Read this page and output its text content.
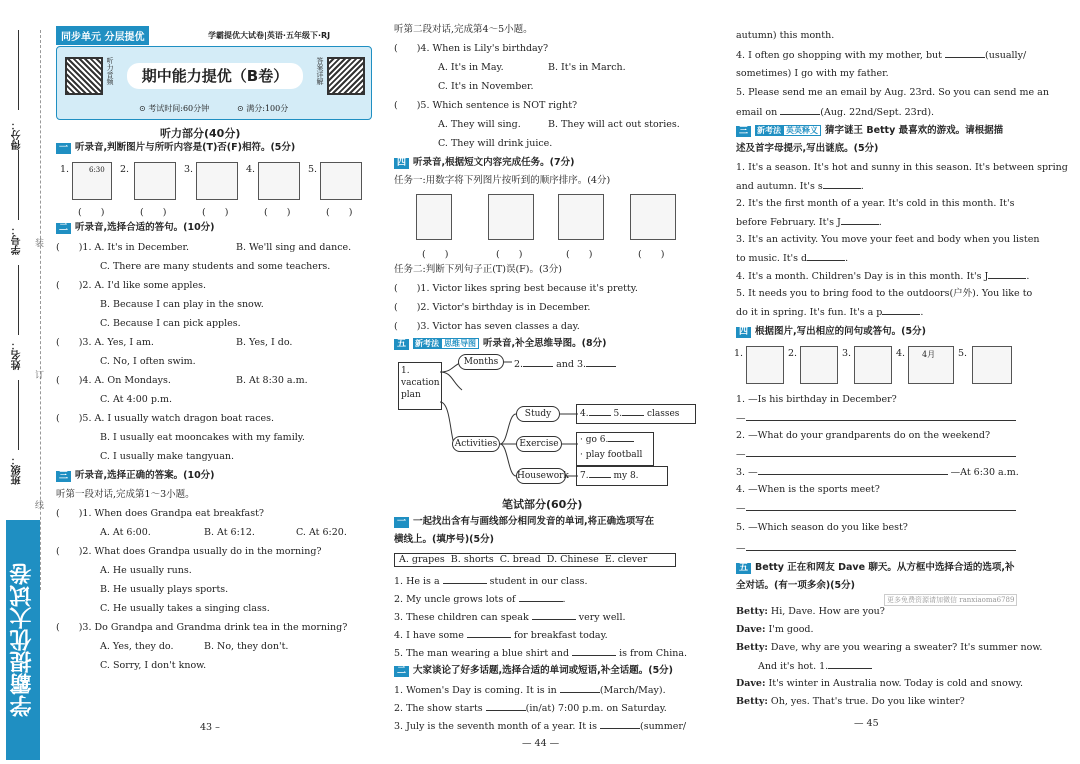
得分：
学号：
姓名：
班级：
装
订
线
学霸提优大试卷
同步单元 分层提优	学霸提优大试卷|英语·五年级下·RJ
听力音频	期中能力提优（B卷）	答案详解
⊙ 考试时间:60分钟	⊙ 满分:100分
听力部分(40分)
一 听录音,判断图片与所听内容是(T)否(F)相符。(5分)
1.	6:30 2.	3.	4.	5.
(　　)	(　　)	(　　)	(　　)	(　　)
二 听录音,选择合适的答句。(10分)
(　　)1. A. It's in December.	B. We'll sing and dance.
C. There are many students and some teachers.
(　　)2. A. I'd like some apples.
B. Because I can play in the snow.
C. Because I can pick apples.
(　　)3. A. Yes, I am.	B. Yes, I do.
C. No, I often swim.
(　　)4. A. On Mondays.	B. At 8:30 a.m.
C. At 4:00 p.m.
(　　)5. A. I usually watch dragon boat races.
B. I usually eat mooncakes with my family.
C. I usually make tangyuan.
三 听录音,选择正确的答案。(10分)
听第一段对话,完成第1～3小题。
(　　)1. When does Grandpa eat breakfast?
A. At 6:00.	B. At 6:12.	C. At 6:20.
(　　)2. What does Grandpa usually do in the morning?
A. He usually runs.
B. He usually plays sports.
C. He usually takes a singing class.
(　　)3. Do Grandpa and Grandma drink tea in the morning?
A. Yes, they do.	B. No, they don't.
C. Sorry, I don't know.
43 –
听第二段对话,完成第4～5小题。
(　　)4. When is Lily's birthday?
A. It's in May.	B. It's in March.
C. It's in November.
(　　)5. Which sentence is NOT right?
A. They will sing.	B. They will act out stories.
C. They will drink juice.
四 听录音,根据短文内容完成任务。(7分)
任务一:用数字将下列图片按听到的顺序排序。(4分)
(　　)	(　　)	(　　)	(　　)
任务二:判断下列句子正(T)误(F)。(3分)
(　　)1. Victor likes spring best because it's pretty.
(　　)2. Victor's birthday is in December.
(　　)3. Victor has seven classes a day.
五 新考法 思维导图 听录音,补全思维导图。(8分)
1.
vacation
plan
Months	2.	and 3.
Activities
Study	4.	5.	classes
Exercise	· go 6.
· play football
Housework	7.	my 8.
笔试部分(60分)
一 一起找出含有与画线部分相同发音的单词,将正确选项写在
横线上。(填序号)(5分)
A. grapes  B. shorts  C. bread  D. Chinese  E. clever
1. He is a	student in our class.
2. My uncle grows lots of	.
3. These children can speak	very well.
4. I have some	for breakfast today.
5. The man wearing a blue shirt and	is from China.
二 大家谈论了好多话题,选择合适的单词或短语,补全话题。(5分)
1. Women's Day is coming. It is in	(March/May).
2. The show starts	(in/at) 7:00 p.m. on Saturday.
3. July is the seventh month of a year. It is	(summer/
— 44 —
autumn) this month.
4. I often go shopping with my mother, but	(usually/
sometimes) I go with my father.
5. Please send me an email by Aug. 23rd. So you can send me an
email on	(Aug. 22nd/Sept. 23rd).
三 新考法 英英释义 猜字谜王 Betty 最喜欢的游戏。请根据描
述及首字母提示,写出谜底。(5分)
1. It's a season. It's hot and sunny in this season. It's between spring
and autumn. It's s	.
2. It's the first month of a year. It's cold in this month. It's
before February. It's J	.
3. It's an activity. You move your feet and body when you listen
to music. It's d	.
4. It's a month. Children's Day is in this month. It's J	.
5. It needs you to bring food to the outdoors(户外). You like to
do it in spring. It's fun. It's a p	.
四 根据图片,写出相应的问句或答句。(5分)
1.	2.	3.	4. 4月 5.
1. —Is his birthday in December?
—
2. —What do your grandparents do on the weekend?
—
3. —	—At 6:30 a.m.
4. —When is the sports meet?
—
5. —Which season do you like best?
—
五 Betty 正在和网友 Dave 聊天。从方框中选择合适的选项,补
全对话。(有一项多余)(5分)
更多免费资源请加微信 ranxiaoma6789
Betty: Hi, Dave. How are you?
Dave: I'm good.
Betty: Dave, why are you wearing a sweater? It's summer now.
And it's hot. 1.
Dave: It's winter in Australia now. Today is cold and snowy.
Betty: Oh, yes. That's true. Do you like winter?
— 45
